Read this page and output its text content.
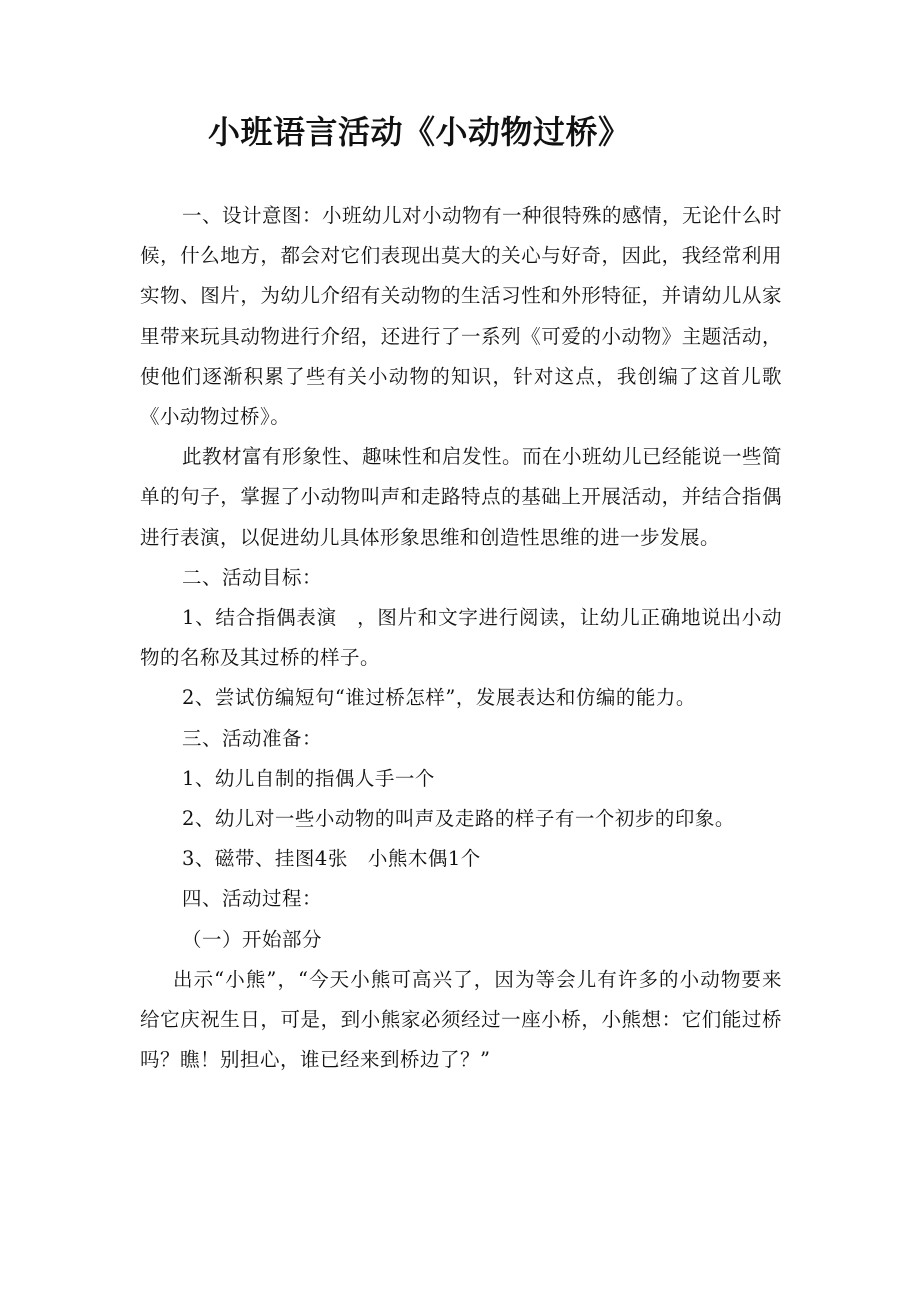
小班语言活动《小动物过桥》

一、设计意图：小班幼儿对小动物有一种很特殊的感情，无论什么时候，什么地方，都会对它们表现出莫大的关心与好奇，因此，我经常利用实物、图片，为幼儿介绍有关动物的生活习性和外形特征，并请幼儿从家里带来玩具动物进行介绍，还进行了一系列《可爱的小动物》主题活动，使他们逐渐积累了些有关小动物的知识，针对这点，我创编了这首儿歌《小动物过桥》。

此教材富有形象性、趣味性和启发性。而在小班幼儿已经能说一些简单的句子，掌握了小动物叫声和走路特点的基础上开展活动，并结合指偶进行表演，以促进幼儿具体形象思维和创造性思维的进一步发展。

二、活动目标：

1、结合指偶表演　，图片和文字进行阅读，让幼儿正确地说出小动物的名称及其过桥的样子。

2、尝试仿编短句“谁过桥怎样”，发展表达和仿编的能力。

三、活动准备：

1、幼儿自制的指偶人手一个

2、幼儿对一些小动物的叫声及走路的样子有一个初步的印象。

3、磁带、挂图4张　小熊木偶1个

四、活动过程：

（一）开始部分

出示“小熊”，“今天小熊可高兴了，因为等会儿有许多的小动物要来给它庆祝生日，可是，到小熊家必须经过一座小桥，小熊想：它们能过桥吗？瞧！别担心，谁已经来到桥边了？”
